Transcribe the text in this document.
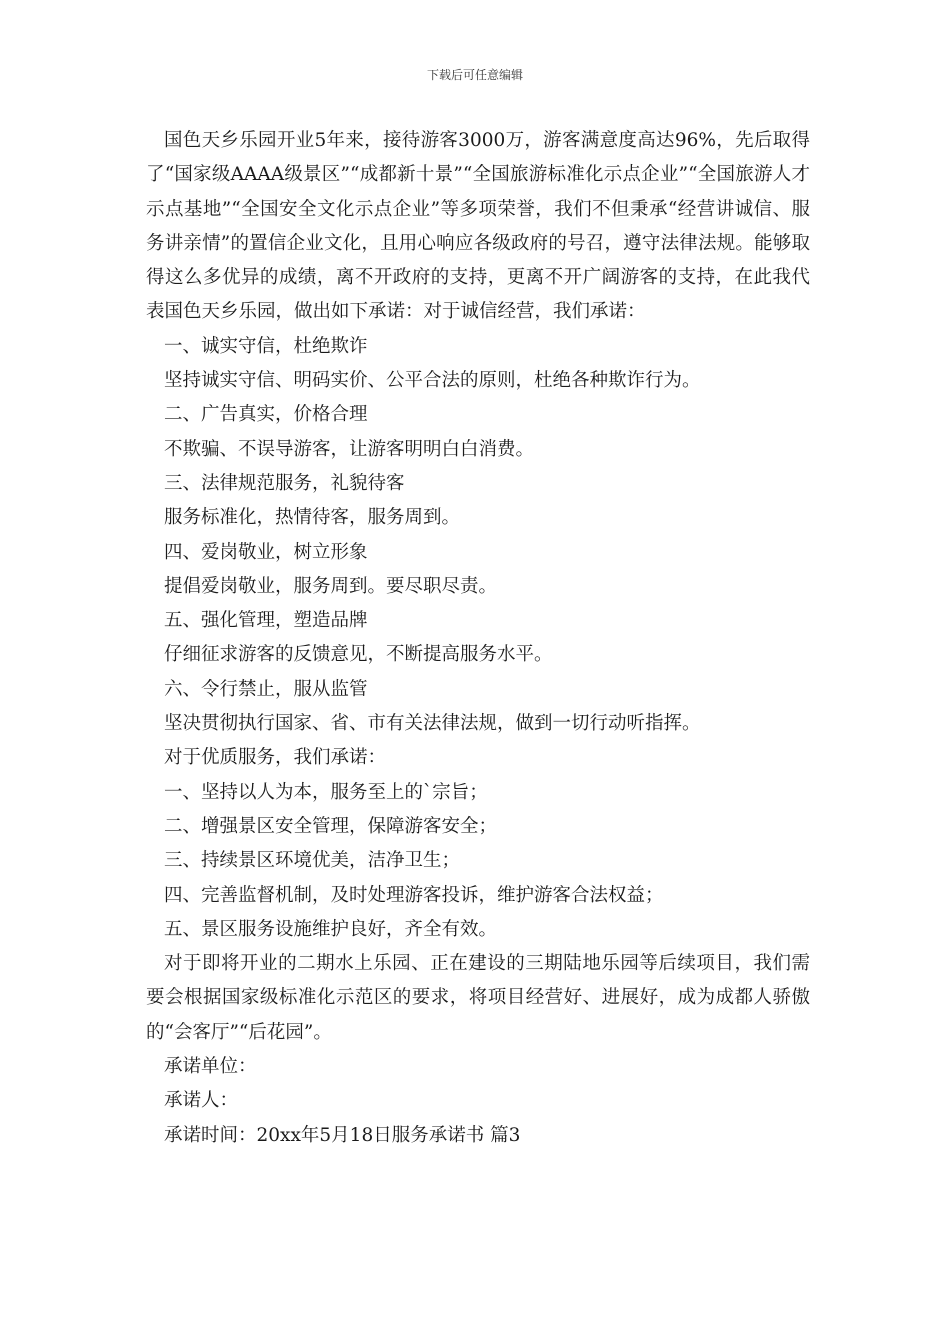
下载后可任意编辑

国色天乡乐园开业5年来，接待游客3000万，游客满意度高达96%，先后取得了“国家级AAAA级景区”“成都新十景”“全国旅游标准化示点企业”“全国旅游人才示点基地”“全国安全文化示点企业”等多项荣誉，我们不但秉承“经营讲诚信、服务讲亲情”的置信企业文化，且用心响应各级政府的号召，遵守法律法规。能够取得这么多优异的成绩，离不开政府的支持，更离不开广阔游客的支持，在此我代表国色天乡乐园，做出如下承诺：对于诚信经营，我们承诺：

一、诚实守信，杜绝欺诈

坚持诚实守信、明码实价、公平合法的原则，杜绝各种欺诈行为。

二、广告真实，价格合理

不欺骗、不误导游客，让游客明明白白消费。

三、法律规范服务，礼貌待客

服务标准化，热情待客，服务周到。

四、爱岗敬业，树立形象

提倡爱岗敬业，服务周到。要尽职尽责。

五、强化管理，塑造品牌

仔细征求游客的反馈意见，不断提高服务水平。

六、令行禁止，服从监管

坚决贯彻执行国家、省、市有关法律法规，做到一切行动听指挥。

对于优质服务，我们承诺：

一、坚持以人为本，服务至上的`宗旨；

二、增强景区安全管理，保障游客安全；

三、持续景区环境优美，洁净卫生；

四、完善监督机制，及时处理游客投诉，维护游客合法权益；

五、景区服务设施维护良好，齐全有效。

对于即将开业的二期水上乐园、正在建设的三期陆地乐园等后续项目，我们需要会根据国家级标准化示范区的要求，将项目经营好、进展好，成为成都人骄傲的“会客厅”“后花园”。

承诺单位：

承诺人：

承诺时间：20xx年5月18日服务承诺书 篇3
